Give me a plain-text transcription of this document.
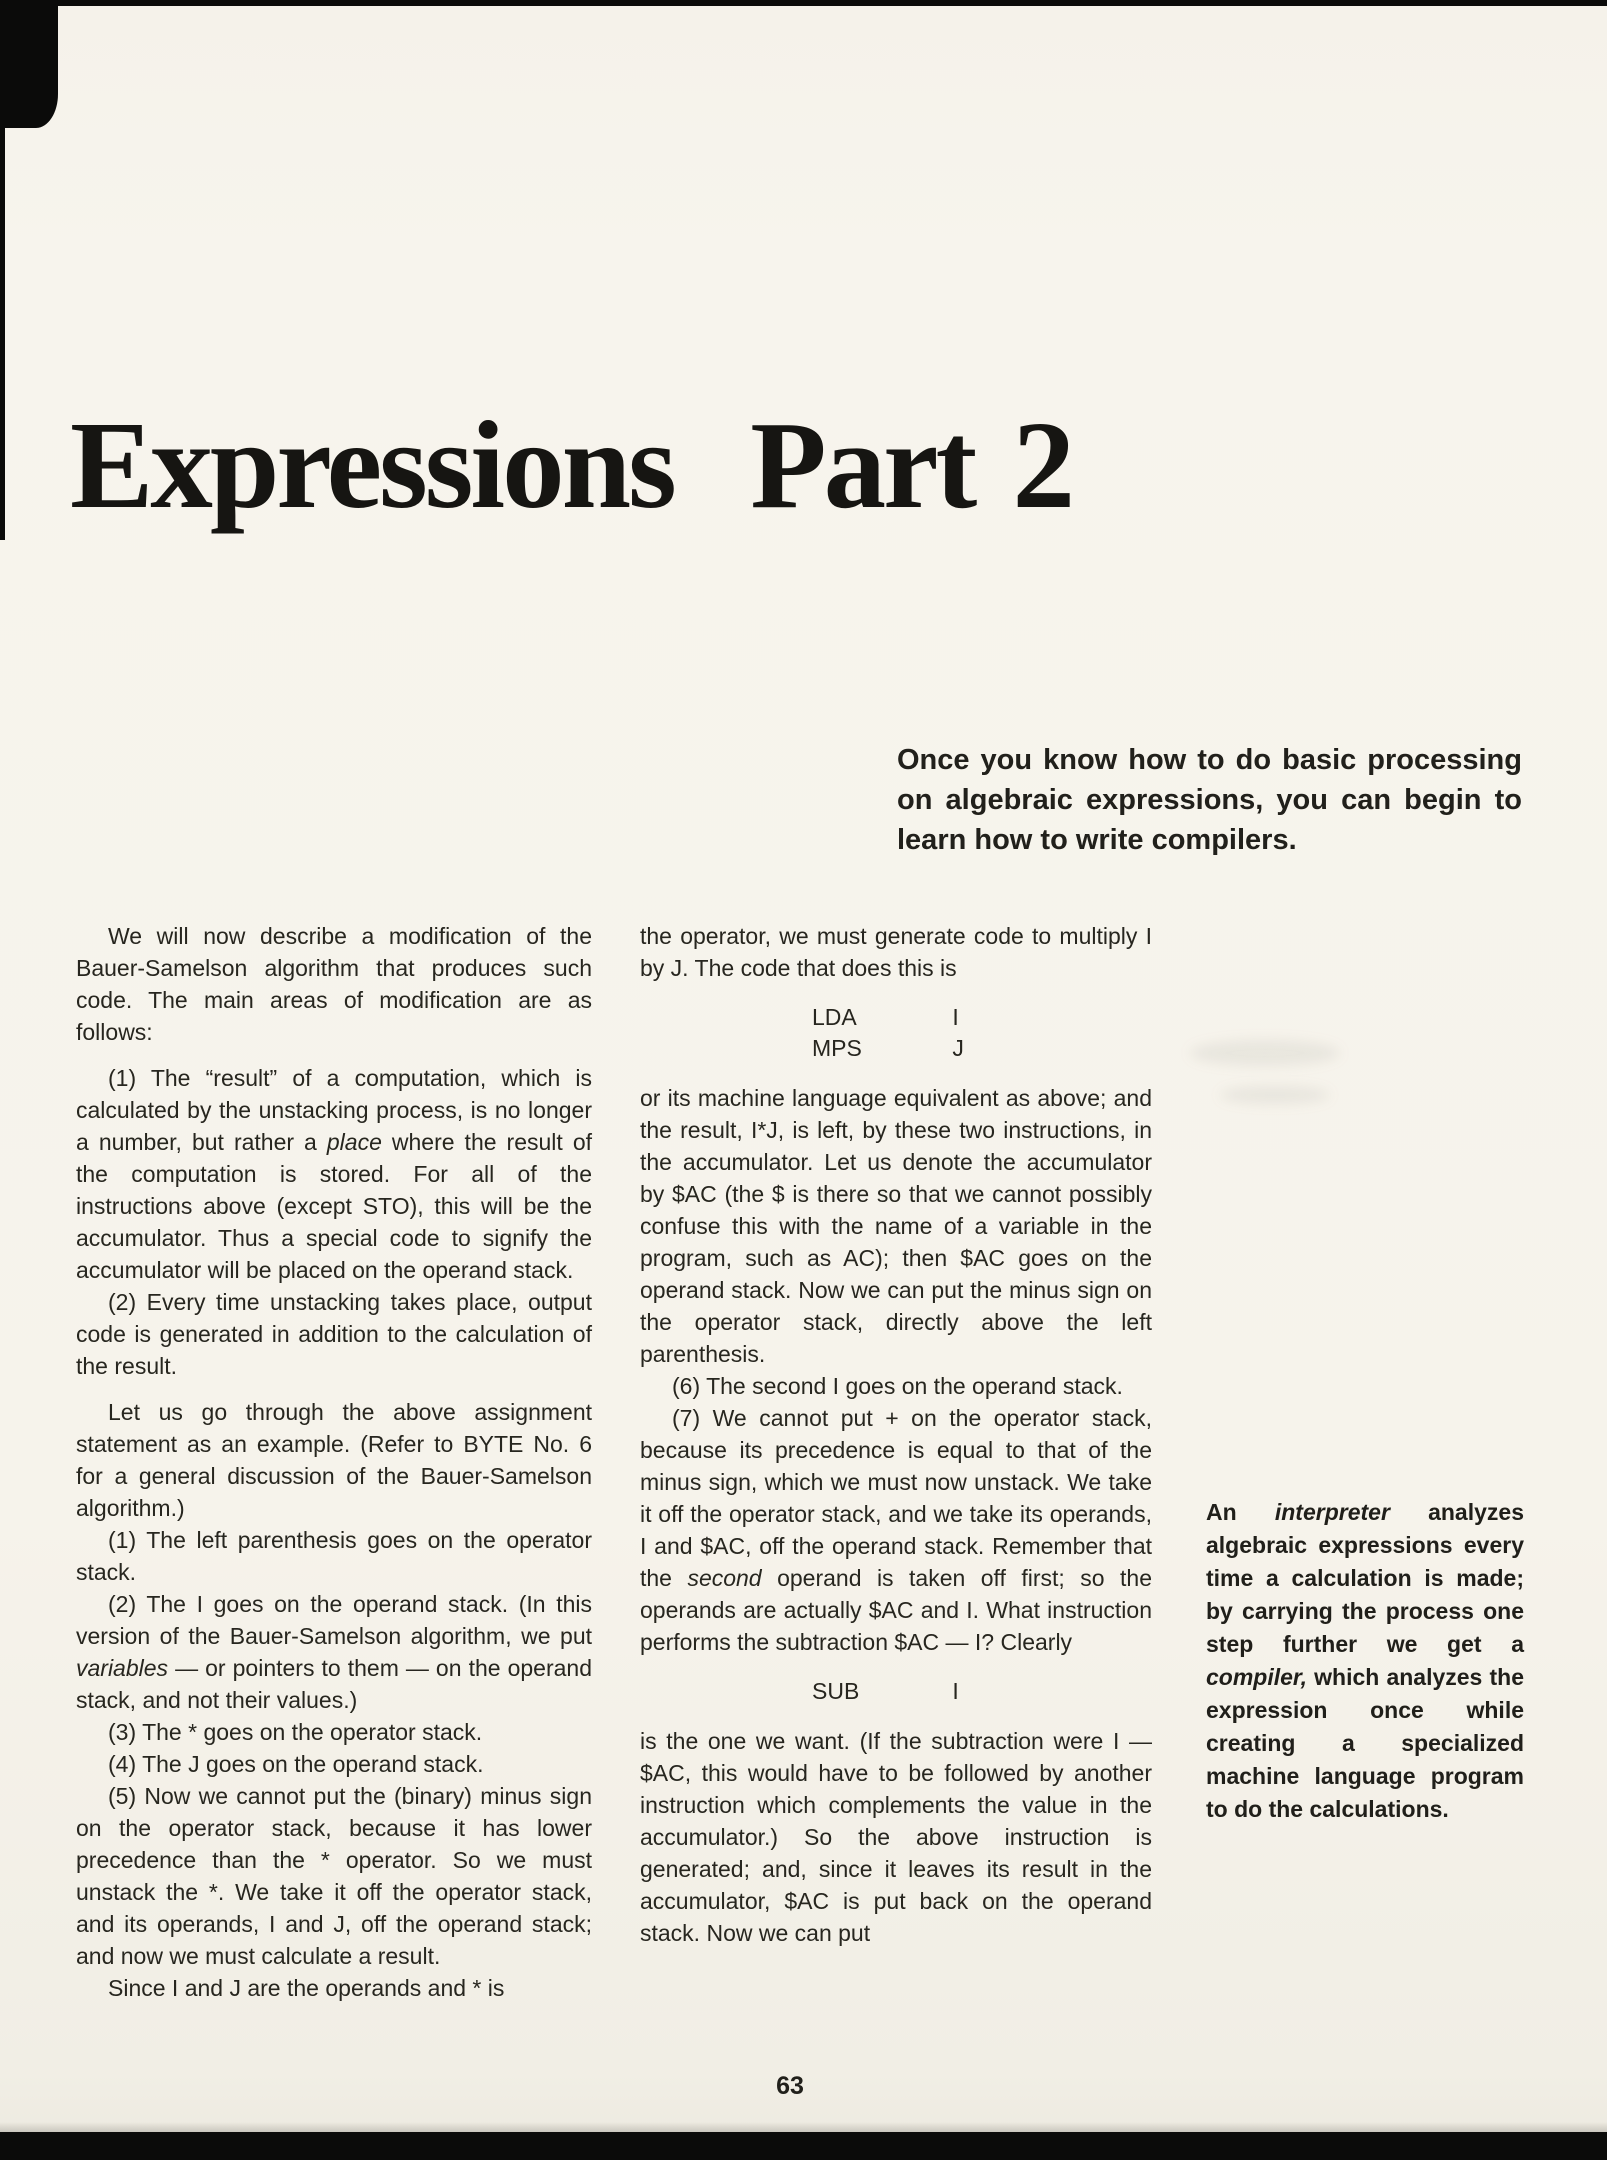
Expressions  Part 2

Once you know how to do basic processing on algebraic expressions, you can begin to learn how to write compilers.

We will now describe a modification of the Bauer-Samelson algorithm that produces such code. The main areas of modification are as follows:

(1) The “result” of a computation, which is calculated by the unstacking process, is no longer a number, but rather a place where the result of the computation is stored. For all of the instructions above (except STO), this will be the accumulator. Thus a special code to signify the accumulator will be placed on the operand stack.

(2) Every time unstacking takes place, output code is generated in addition to the calculation of the result.

Let us go through the above assignment statement as an example. (Refer to BYTE No. 6 for a general discussion of the Bauer-Samelson algorithm.)

(1) The left parenthesis goes on the operator stack.

(2) The I goes on the operand stack. (In this version of the Bauer-Samelson algorithm, we put variables — or pointers to them — on the operand stack, and not their values.)

(3) The * goes on the operator stack.

(4) The J goes on the operand stack.

(5) Now we cannot put the (binary) minus sign on the operator stack, because it has lower precedence than the * operator. So we must unstack the *. We take it off the operator stack, and its operands, I and J, off the operand stack; and now we must calculate a result.

Since I and J are the operands and * is

the operator, we must generate code to multiply I by J. The code that does this is

LDA	I
MPS	J

or its machine language equivalent as above; and the result, I*J, is left, by these two instructions, in the accumulator. Let us denote the accumulator by $AC (the $ is there so that we cannot possibly confuse this with the name of a variable in the program, such as AC); then $AC goes on the operand stack. Now we can put the minus sign on the operator stack, directly above the left parenthesis.

(6) The second I goes on the operand stack.

(7) We cannot put + on the operator stack, because its precedence is equal to that of the minus sign, which we must now unstack. We take it off the operator stack, and we take its operands, I and $AC, off the operand stack. Remember that the second operand is taken off first; so the operands are actually $AC and I. What instruction performs the subtraction $AC — I? Clearly

SUB	I

is the one we want. (If the subtraction were I — $AC, this would have to be followed by another instruction which complements the value in the accumulator.) So the above instruction is generated; and, since it leaves its result in the accumulator, $AC is put back on the operand stack. Now we can put

An interpreter analyzes algebraic expressions every time a calculation is made; by carrying the process one step further we get a compiler, which analyzes the expression once while creating a specialized machine language program to do the calculations.

63
